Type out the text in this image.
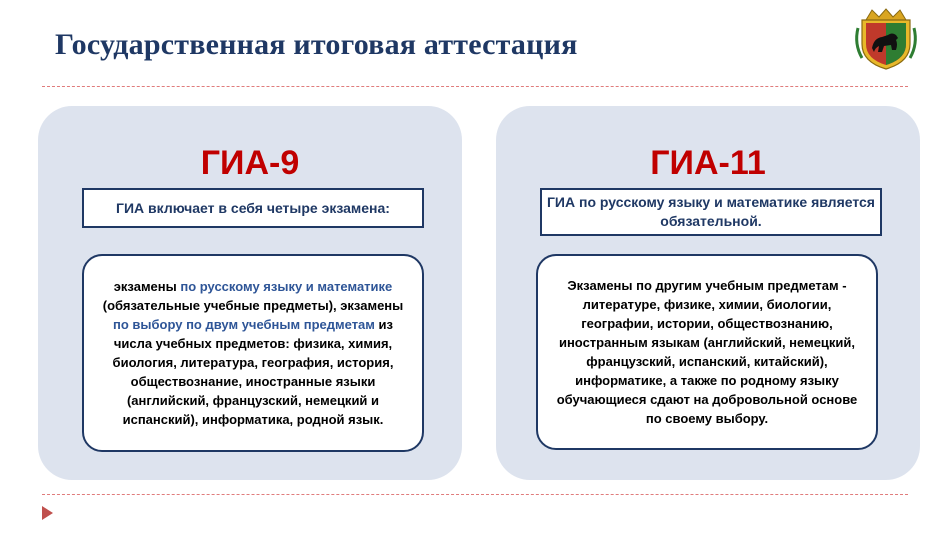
Государственная итоговая аттестация
ГИА-9
ГИА включает в себя четыре экзамена:
экзамены по русскому языку и математике (обязательные учебные предметы), экзамены по выбору по двум учебным предметам из числа учебных предметов: физика, химия, биология, литература, география, история, обществознание, иностранные языки (английский, французский, немецкий и испанский), информатика, родной язык.
ГИА-11
ГИА по русскому языку и математике является обязательной.
Экзамены по другим учебным предметам - литературе, физике, химии, биологии, географии, истории, обществознанию, иностранным языкам (английский, немецкий, французский, испанский, китайский), информатике, а также по родному языку обучающиеся сдают на добровольной основе по своему выбору.
